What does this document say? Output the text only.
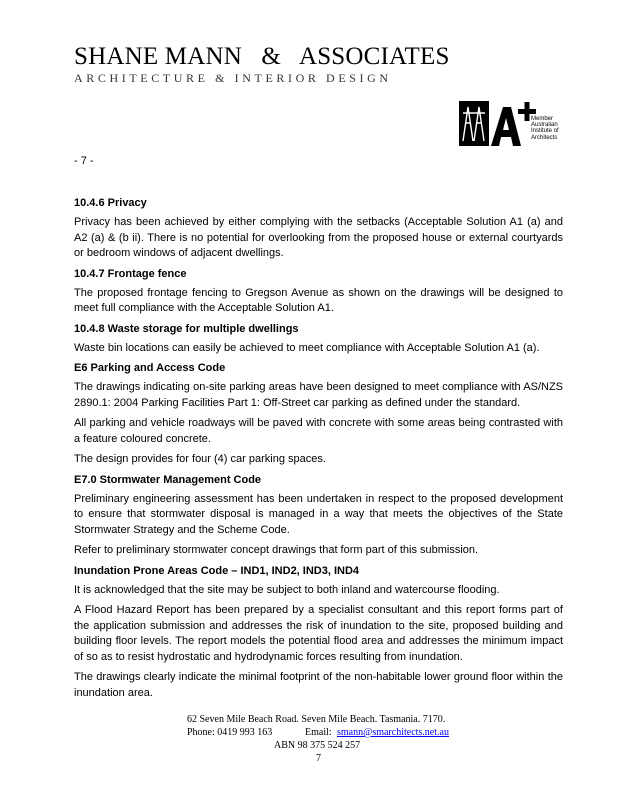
SHANE MANN   &   ASSOCIATES
ARCHITECTURE & INTERIOR DESIGN
Member
Australian
Institute of
Architects
- 7 -
10.4.6 Privacy

Privacy has been achieved by either complying with the setbacks (Acceptable Solution A1 (a) and A2 (a) & (b ii). There is no potential for overlooking from the proposed house or external courtyards or bedroom windows of adjacent dwellings.

10.4.7 Frontage fence

The proposed frontage fencing to Gregson Avenue as shown on the drawings will be designed to meet full compliance with the Acceptable Solution A1.

10.4.8 Waste storage for multiple dwellings

Waste bin locations can easily be achieved to meet compliance with Acceptable Solution A1 (a).

E6 Parking and Access Code

The drawings indicating on-site parking areas have been designed to meet compliance with AS/NZS 2890.1: 2004 Parking Facilities Part 1: Off-Street car parking as defined under the standard.

All parking and vehicle roadways will be paved with concrete with some areas being contrasted with a feature coloured concrete.

The design provides for four (4) car parking spaces.

E7.0 Stormwater Management Code

Preliminary engineering assessment has been undertaken in respect to the proposed development to ensure that stormwater disposal is managed in a way that meets the objectives of the State Stormwater Strategy and the Scheme Code.

Refer to preliminary stormwater concept drawings that form part of this submission.

Inundation Prone Areas Code – IND1, IND2, IND3, IND4

It is acknowledged that the site may be subject to both inland and watercourse flooding.

A Flood Hazard Report has been prepared by a specialist consultant and this report forms part of the application submission and addresses the risk of inundation to the site, proposed building and building floor levels. The report models the potential flood area and addresses the minimum impact of so as to resist hydrostatic and hydrodynamic forces resulting from inundation.

The drawings clearly indicate the minimal footprint of the non-habitable lower ground floor within the inundation area.

62 Seven Mile Beach Road. Seven Mile Beach. Tasmania. 7170.
Phone: 0419 993 163	Email: smann@smarchitects.net.au
ABN 98 375 524 257
7
